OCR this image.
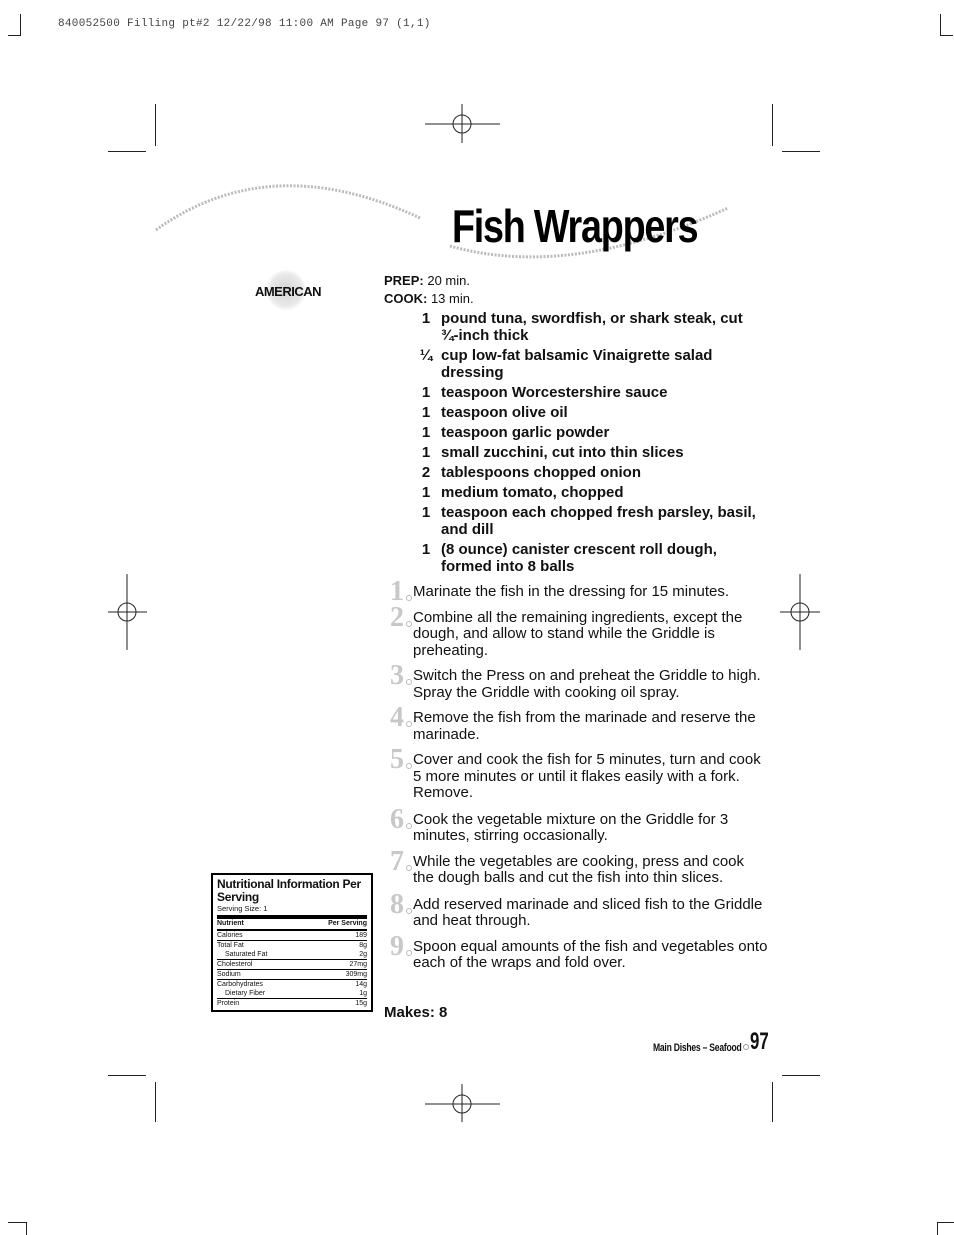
840052500 Filling pt#2 12/22/98 11:00 AM Page 97 (1,1)
Fish Wrappers
AMERICAN
PREP: 20 min.
COOK: 13 min.
1 pound tuna, swordfish, or shark steak, cut ¾-inch thick
¼ cup low-fat balsamic Vinaigrette salad dressing
1 teaspoon Worcestershire sauce
1 teaspoon olive oil
1 teaspoon garlic powder
1 small zucchini, cut into thin slices
2 tablespoons chopped onion
1 medium tomato, chopped
1 teaspoon each chopped fresh parsley, basil, and dill
1 (8 ounce) canister crescent roll dough, formed into 8 balls
1 Marinate the fish in the dressing for 15 minutes.
2 Combine all the remaining ingredients, except the dough, and allow to stand while the Griddle is preheating.
3 Switch the Press on and preheat the Griddle to high. Spray the Griddle with cooking oil spray.
4 Remove the fish from the marinade and reserve the marinade.
5 Cover and cook the fish for 5 minutes, turn and cook 5 more minutes or until it flakes easily with a fork. Remove.
6 Cook the vegetable mixture on the Griddle for 3 minutes, stirring occasionally.
7 While the vegetables are cooking, press and cook the dough balls and cut the fish into thin slices.
8 Add reserved marinade and sliced fish to the Griddle and heat through.
9 Spoon equal amounts of the fish and vegetables onto each of the wraps and fold over.
Makes: 8
Nutritional Information Per Serving
Serving Size: 1
Nutrient	Per Serving
Calories	189
Total Fat	8g
Saturated Fat	2g
Cholesterol	27mg
Sodium	309mg
Carbohydrates	14g
Dietary Fiber	1g
Protein	15g
Main Dishes – Seafood 97
